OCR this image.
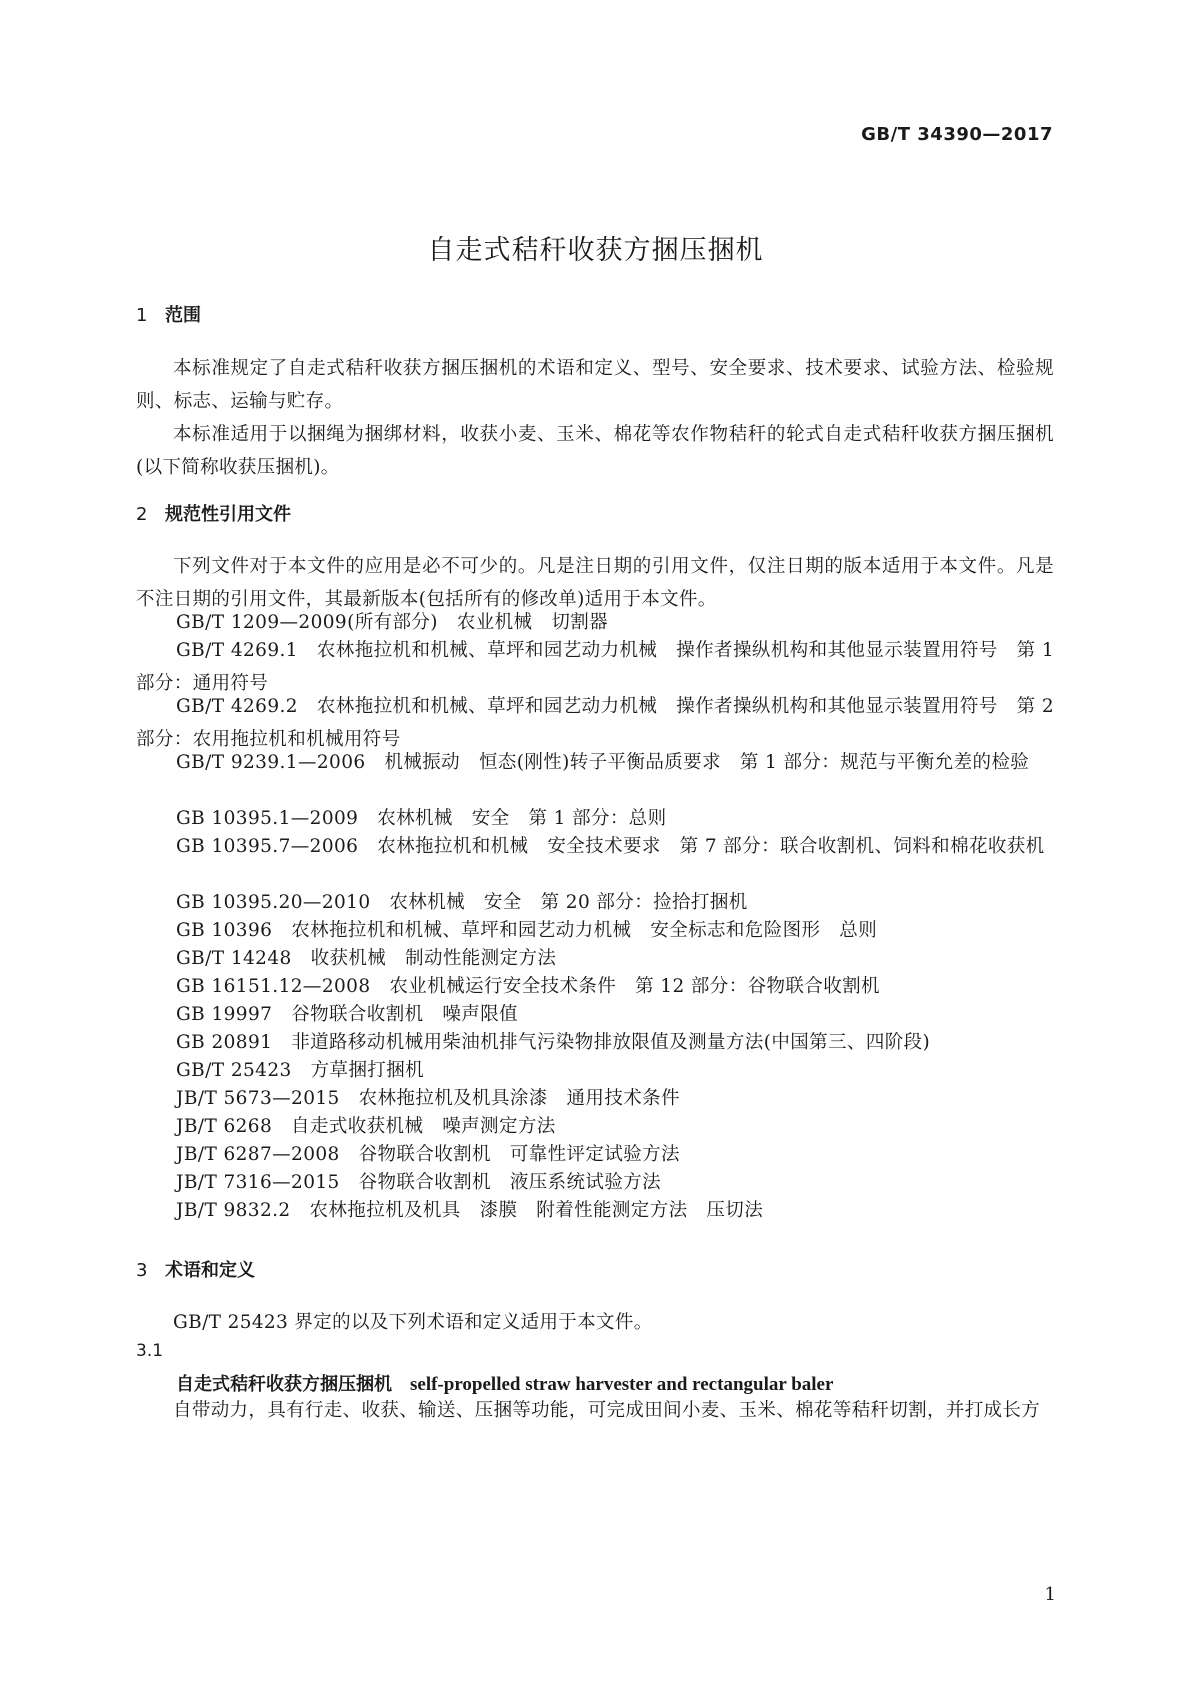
GB/T 34390—2017
自走式秸秆收获方捆压捆机
1 范围
本标准规定了自走式秸秆收获方捆压捆机的术语和定义、型号、安全要求、技术要求、试验方法、检验规则、标志、运输与贮存。
本标准适用于以捆绳为捆绑材料，收获小麦、玉米、棉花等农作物秸秆的轮式自走式秸秆收获方捆压捆机(以下简称收获压捆机)。
2 规范性引用文件
下列文件对于本文件的应用是必不可少的。凡是注日期的引用文件，仅注日期的版本适用于本文件。凡是不注日期的引用文件，其最新版本(包括所有的修改单)适用于本文件。
GB/T 1209—2009(所有部分)　农业机械　切割器
GB/T 4269.1　农林拖拉机和机械、草坪和园艺动力机械　操作者操纵机构和其他显示装置用符号　第 1 部分：通用符号
GB/T 4269.2　农林拖拉机和机械、草坪和园艺动力机械　操作者操纵机构和其他显示装置用符号　第 2 部分：农用拖拉机和机械用符号
GB/T 9239.1—2006　机械振动　恒态(刚性)转子平衡品质要求　第 1 部分：规范与平衡允差的检验
GB 10395.1—2009　农林机械　安全　第 1 部分：总则
GB 10395.7—2006　农林拖拉机和机械　安全技术要求　第 7 部分：联合收割机、饲料和棉花收获机
GB 10395.20—2010　农林机械　安全　第 20 部分：捡拾打捆机
GB 10396　农林拖拉机和机械、草坪和园艺动力机械　安全标志和危险图形　总则
GB/T 14248　收获机械　制动性能测定方法
GB 16151.12—2008　农业机械运行安全技术条件　第 12 部分：谷物联合收割机
GB 19997　谷物联合收割机　噪声限值
GB 20891　非道路移动机械用柴油机排气污染物排放限值及测量方法(中国第三、四阶段)
GB/T 25423　方草捆打捆机
JB/T 5673—2015　农林拖拉机及机具涂漆　通用技术条件
JB/T 6268　自走式收获机械　噪声测定方法
JB/T 6287—2008　谷物联合收割机　可靠性评定试验方法
JB/T 7316—2015　谷物联合收割机　液压系统试验方法
JB/T 9832.2　农林拖拉机及机具　漆膜　附着性能测定方法　压切法
3 术语和定义
GB/T 25423 界定的以及下列术语和定义适用于本文件。
3.1
自走式秸秆收获方捆压捆机 self-propelled straw harvester and rectangular baler
自带动力，具有行走、收获、输送、压捆等功能，可完成田间小麦、玉米、棉花等秸秆切割，并打成长方
1
